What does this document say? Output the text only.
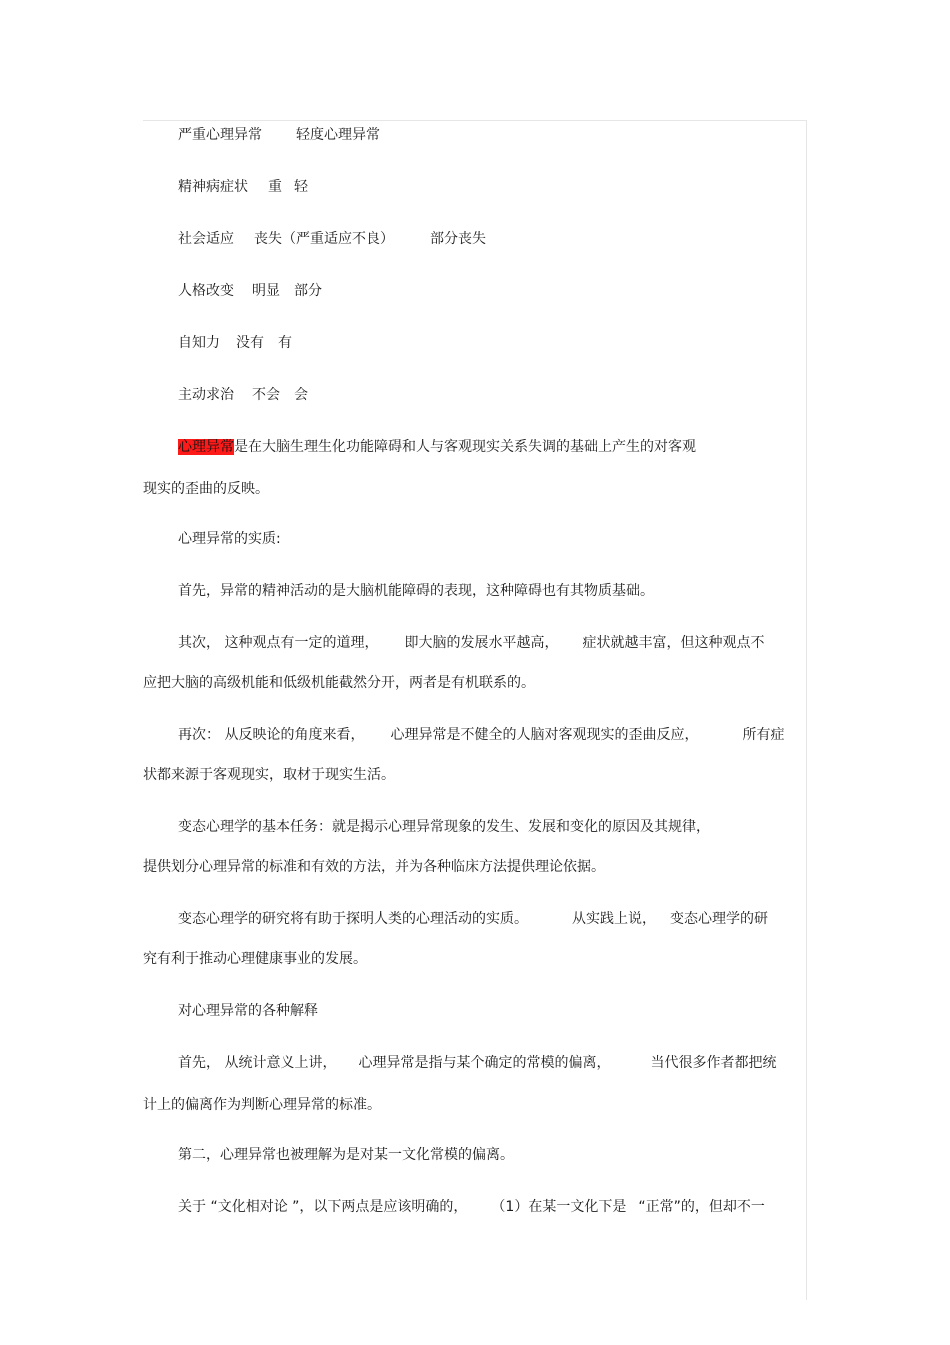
严重心理异常 轻度心理异常
精神病症状 重 轻
社会适应 丧失（严重适应不良）	部分丧失
人格改变 明显 部分
自知力 没有 有
主动求治 不会 会
心理异常是在大脑生理生化功能障碍和人与客观现实关系失调的基础上产生的对客观
现实的歪曲的反映。
心理异常的实质:
首先，异常的精神活动的是大脑机能障碍的表现，这种障碍也有其物质基础。
其次， 这种观点有一定的道理， 即大脑的发展水平越高， 症状就越丰富，但这种观点不
应把大脑的高级机能和低级机能截然分开，两者是有机联系的。
再次： 从反映论的角度来看， 心理异常是不健全的人脑对客观现实的歪曲反应，	所有症
状都来源于客观现实，取材于现实生活。
变态心理学的基本任务：就是揭示心理异常现象的发生、发展和变化的原因及其规律，
提供划分心理异常的标准和有效的方法，并为各种临床方法提供理论依据。
变态心理学的研究将有助于探明人类的心理活动的实质。	从实践上说， 变态心理学的研
究有利于推动心理健康事业的发展。
对心理异常的各种解释
首先， 从统计意义上讲， 心理异常是指与某个确定的常模的偏离，	当代很多作者都把统
计上的偏离作为判断心理异常的标准。
第二，心理异常也被理解为是对某一文化常模的偏离。
关于 “文化相对论 ”，以下两点是应该明确的， （1）在某一文化下是 “正常”的，但却不一
